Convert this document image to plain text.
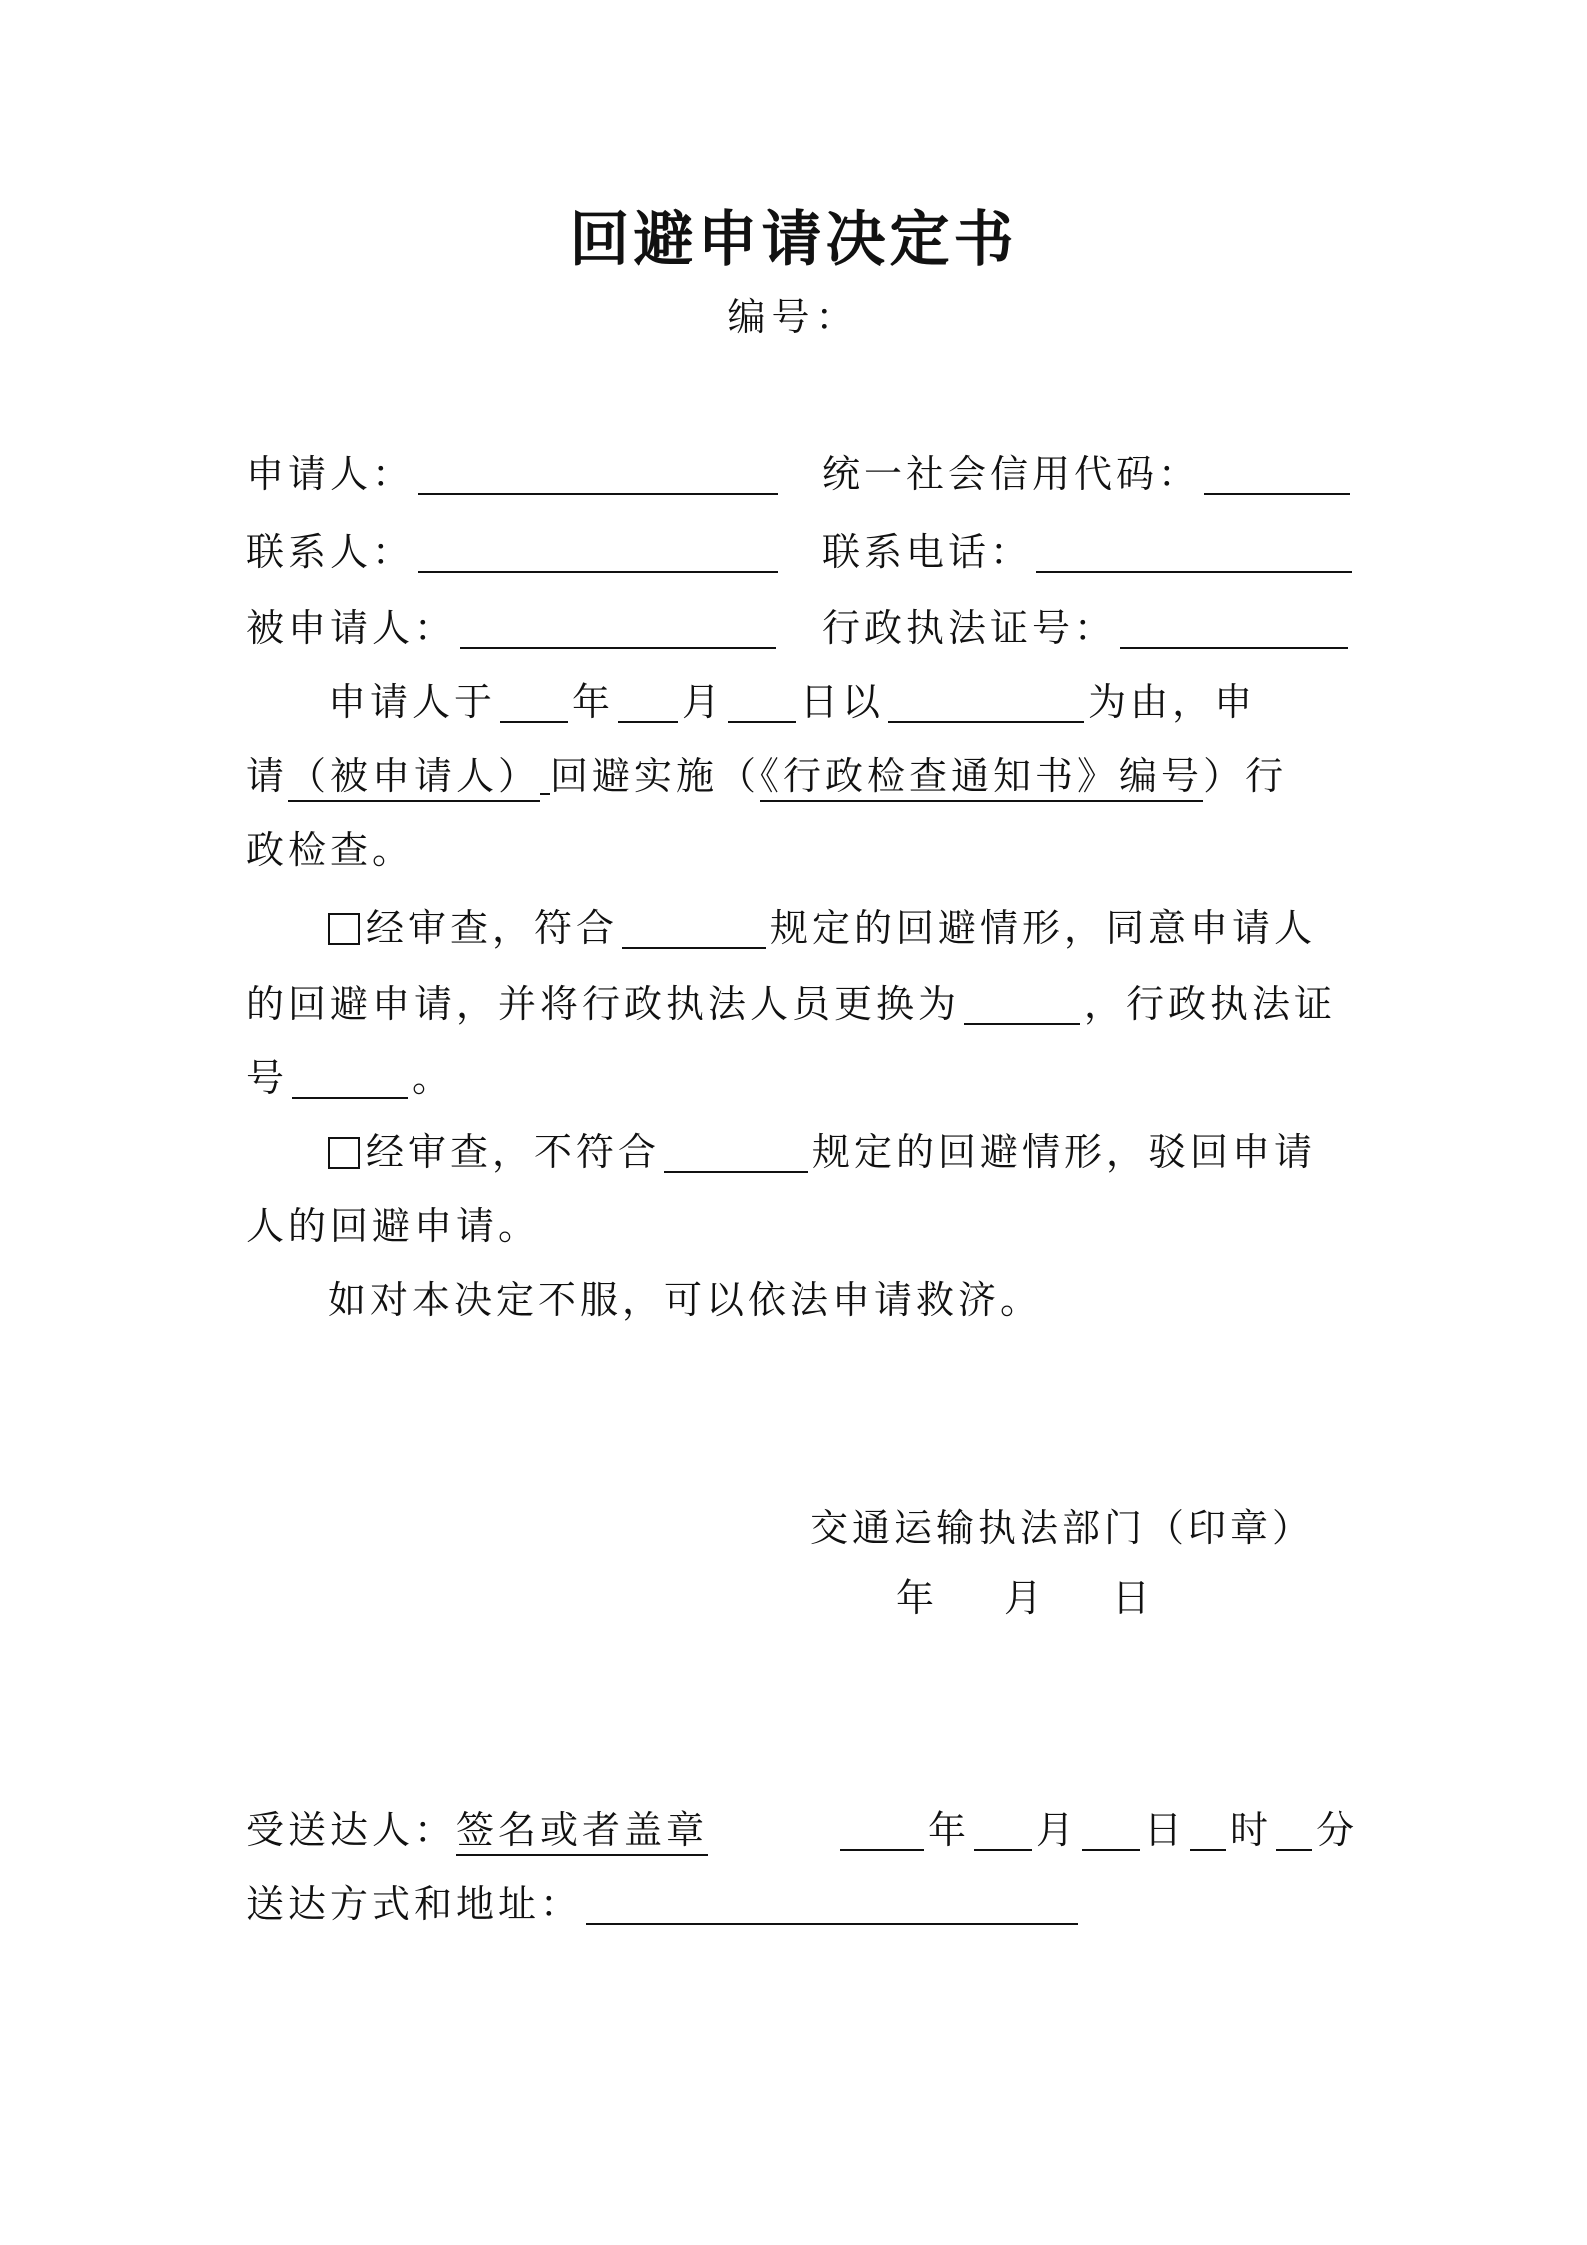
回避申请决定书
编号：
申请人：	统一社会信用代码：
联系人：	联系电话：
被申请人：	行政执法证号：
申请人于 年 月 日以	为由，申
请（被申请人） 回避实施（《行政检查通知书》编号）行
政检查。
经审查，符合	规定的回避情形，同意申请人
的回避申请，并将行政执法人员更换为	，行政执法证
号	。
经审查，不符合	规定的回避情形，驳回申请
人的回避申请。
如对本决定不服，可以依法申请救济。
交通运输执法部门（印章）
年 月 日
受送达人：签名或者盖章	年 月 日 时 分
送达方式和地址：
